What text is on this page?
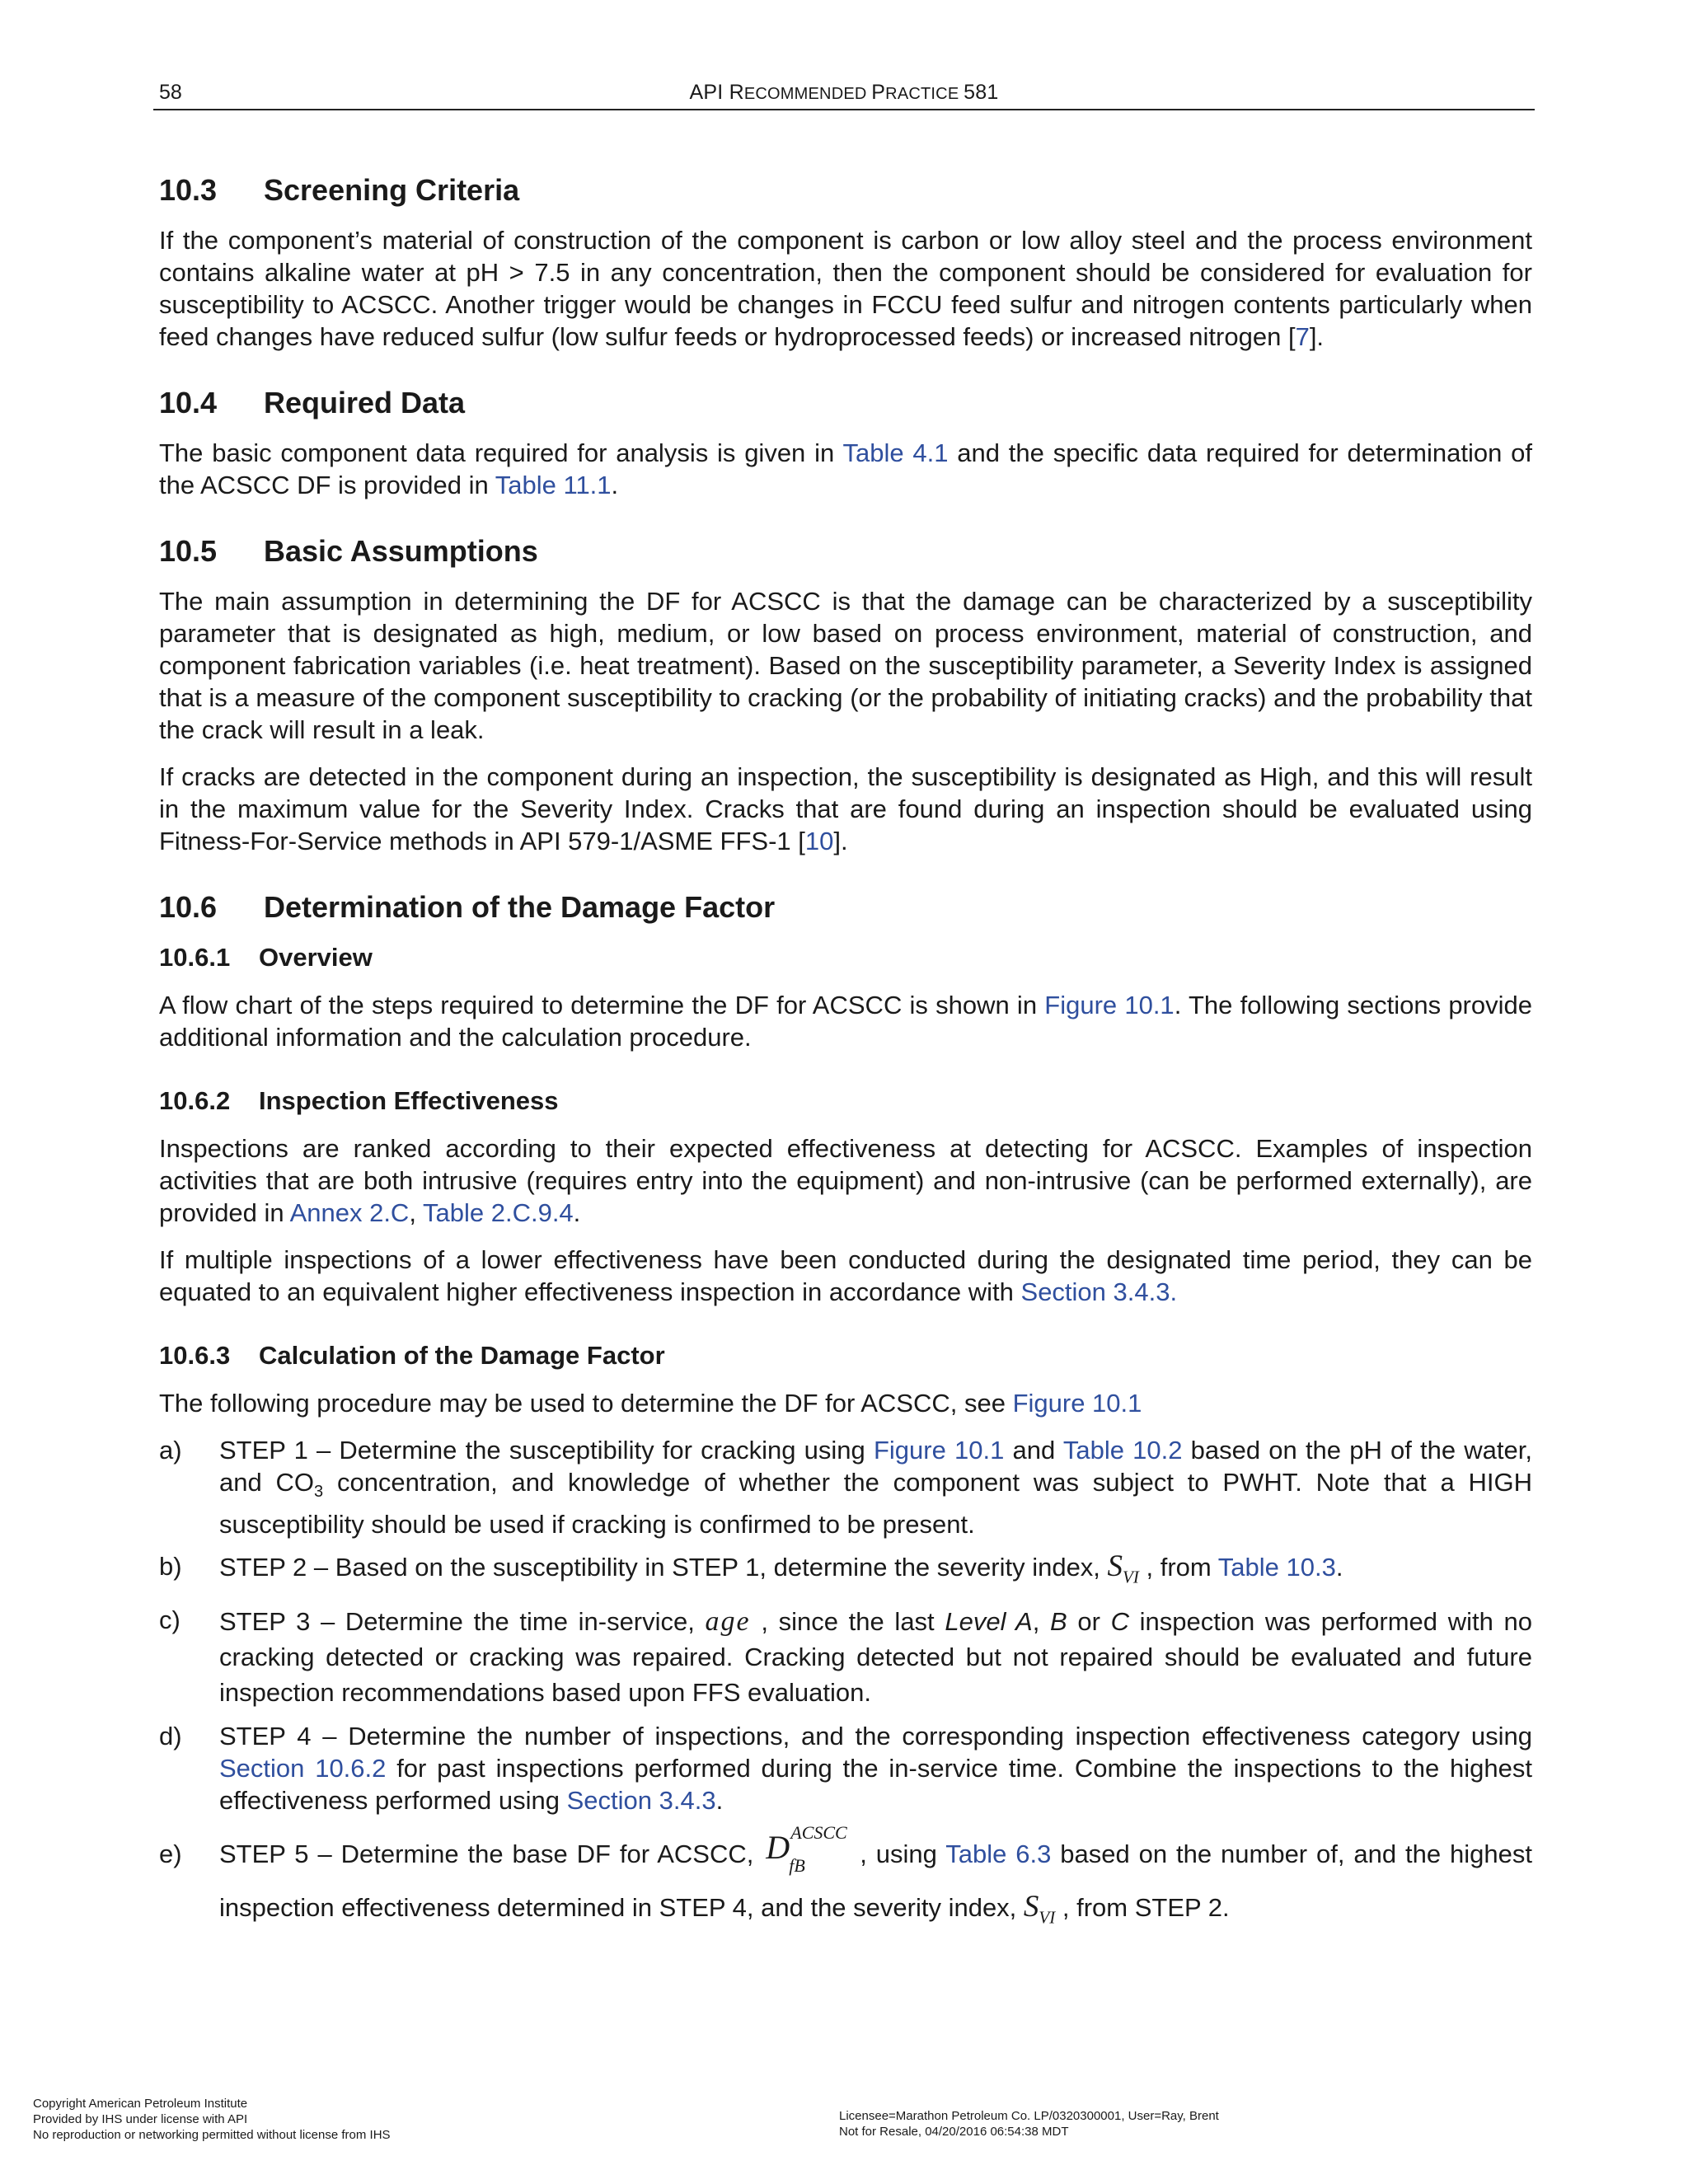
58	API RECOMMENDED PRACTICE 581
10.3 Screening Criteria

If the component’s material of construction of the component is carbon or low alloy steel and the process environment contains alkaline water at pH > 7.5 in any concentration, then the component should be considered for evaluation for susceptibility to ACSCC. Another trigger would be changes in FCCU feed sulfur and nitrogen contents particularly when feed changes have reduced sulfur (low sulfur feeds or hydroprocessed feeds) or increased nitrogen [7].

10.4 Required Data

The basic component data required for analysis is given in Table 4.1 and the specific data required for determination of the ACSCC DF is provided in Table 11.1.

10.5 Basic Assumptions

The main assumption in determining the DF for ACSCC is that the damage can be characterized by a susceptibility parameter that is designated as high, medium, or low based on process environment, material of construction, and component fabrication variables (i.e. heat treatment). Based on the susceptibility parameter, a Severity Index is assigned that is a measure of the component susceptibility to cracking (or the probability of initiating cracks) and the probability that the crack will result in a leak.

If cracks are detected in the component during an inspection, the susceptibility is designated as High, and this will result in the maximum value for the Severity Index. Cracks that are found during an inspection should be evaluated using Fitness-For-Service methods in API 579-1/ASME FFS-1 [10].

10.6 Determination of the Damage Factor
10.6.1 Overview

A flow chart of the steps required to determine the DF for ACSCC is shown in Figure 10.1. The following sections provide additional information and the calculation procedure.

10.6.2 Inspection Effectiveness

Inspections are ranked according to their expected effectiveness at detecting for ACSCC. Examples of inspection activities that are both intrusive (requires entry into the equipment) and non-intrusive (can be performed externally), are provided in Annex 2.C, Table 2.C.9.4.

If multiple inspections of a lower effectiveness have been conducted during the designated time period, they can be equated to an equivalent higher effectiveness inspection in accordance with Section 3.4.3.

10.6.3 Calculation of the Damage Factor

The following procedure may be used to determine the DF for ACSCC, see Figure 10.1

a)	STEP 1 – Determine the susceptibility for cracking using Figure 10.1 and Table 10.2 based on the pH of the water, and $CO_3$ concentration, and knowledge of whether the component was subject to PWHT. Note that a HIGH susceptibility should be used if cracking is confirmed to be present.

b)	STEP 2 – Based on the susceptibility in STEP 1, determine the severity index, $S_{VI}$ , from Table 10.3.

c)	STEP 3 – Determine the time in-service, age , since the last Level A, B or C inspection was performed with no cracking detected or cracking was repaired. Cracking detected but not repaired should be evaluated and future inspection recommendations based upon FFS evaluation.

d)	STEP 4 – Determine the number of inspections, and the corresponding inspection effectiveness category using Section 10.6.2 for past inspections performed during the in-service time. Combine the inspections to the highest effectiveness performed using Section 3.4.3.

e)	STEP 5 – Determine the base DF for ACSCC, D ACSCC
fB , using Table 6.3 based on the number of, and the highest inspection effectiveness determined in STEP 4, and the severity index, $S_{VI}$ , from STEP 2.

Copyright American Petroleum Institute
Provided by IHS under license with API
No reproduction or networking permitted without license from IHS
Licensee=Marathon Petroleum Co. LP/0320300001, User=Ray, Brent
Not for Resale, 04/20/2016 06:54:38 MDT
